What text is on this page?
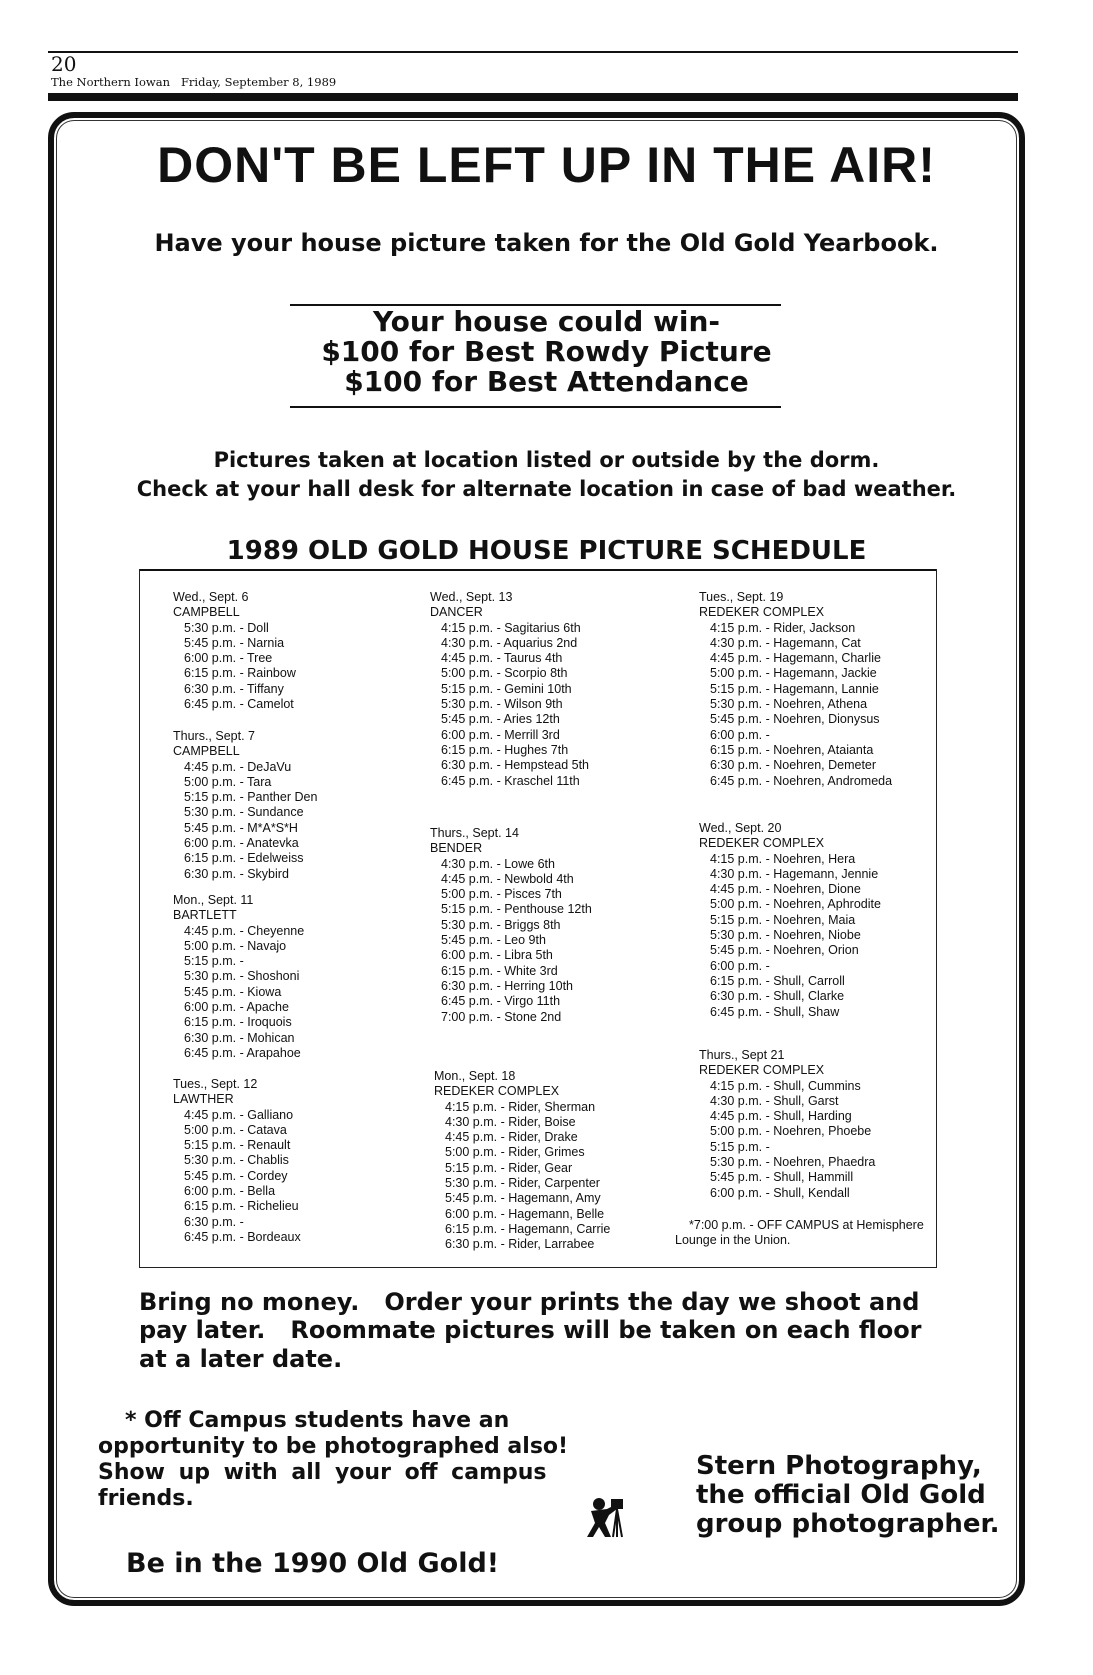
20
The Northern Iowan   Friday, September 8, 1989
DON'T BE LEFT UP IN THE AIR!
Have your house picture taken for the Old Gold Yearbook.
Your house could win-
$100 for Best Rowdy Picture
$100 for Best Attendance
Pictures taken at location listed or outside by the dorm.
Check at your hall desk for alternate location in case of bad weather.
1989 OLD GOLD HOUSE PICTURE SCHEDULE
Wed., Sept. 6
CAMPBELL
5:30 p.m. - Doll
5:45 p.m. - Narnia
6:00 p.m. - Tree
6:15 p.m. - Rainbow
6:30 p.m. - Tiffany
6:45 p.m. - Camelot
Thurs., Sept. 7
CAMPBELL
4:45 p.m. - DeJaVu
5:00 p.m. - Tara
5:15 p.m. - Panther Den
5:30 p.m. - Sundance
5:45 p.m. - M*A*S*H
6:00 p.m. - Anatevka
6:15 p.m. - Edelweiss
6:30 p.m. - Skybird
Mon., Sept. 11
BARTLETT
4:45 p.m. - Cheyenne
5:00 p.m. - Navajo
5:15 p.m. -
5:30 p.m. - Shoshoni
5:45 p.m. - Kiowa
6:00 p.m. - Apache
6:15 p.m. - Iroquois
6:30 p.m. - Mohican
6:45 p.m. - Arapahoe
Tues., Sept. 12
LAWTHER
4:45 p.m. - Galliano
5:00 p.m. - Catava
5:15 p.m. - Renault
5:30 p.m. - Chablis
5:45 p.m. - Cordey
6:00 p.m. - Bella
6:15 p.m. - Richelieu
6:30 p.m. -
6:45 p.m. - Bordeaux
Wed., Sept. 13
DANCER
4:15 p.m. - Sagitarius 6th
4:30 p.m. - Aquarius 2nd
4:45 p.m. - Taurus 4th
5:00 p.m. - Scorpio 8th
5:15 p.m. - Gemini 10th
5:30 p.m. - Wilson 9th
5:45 p.m. - Aries 12th
6:00 p.m. - Merrill 3rd
6:15 p.m. - Hughes 7th
6:30 p.m. - Hempstead 5th
6:45 p.m. - Kraschel 11th
Thurs., Sept. 14
BENDER
4:30 p.m. - Lowe 6th
4:45 p.m. - Newbold 4th
5:00 p.m. - Pisces 7th
5:15 p.m. - Penthouse 12th
5:30 p.m. - Briggs 8th
5:45 p.m. - Leo 9th
6:00 p.m. - Libra 5th
6:15 p.m. - White 3rd
6:30 p.m. - Herring 10th
6:45 p.m. - Virgo 11th
7:00 p.m. - Stone 2nd
Mon., Sept. 18
REDEKER COMPLEX
4:15 p.m. - Rider, Sherman
4:30 p.m. - Rider, Boise
4:45 p.m. - Rider, Drake
5:00 p.m. - Rider, Grimes
5:15 p.m. - Rider, Gear
5:30 p.m. - Rider, Carpenter
5:45 p.m. - Hagemann, Amy
6:00 p.m. - Hagemann, Belle
6:15 p.m. - Hagemann, Carrie
6:30 p.m. - Rider, Larrabee
Tues., Sept. 19
REDEKER COMPLEX
4:15 p.m. - Rider, Jackson
4:30 p.m. - Hagemann, Cat
4:45 p.m. - Hagemann, Charlie
5:00 p.m. - Hagemann, Jackie
5:15 p.m. - Hagemann, Lannie
5:30 p.m. - Noehren, Athena
5:45 p.m. - Noehren, Dionysus
6:00 p.m. -
6:15 p.m. - Noehren, Ataianta
6:30 p.m. - Noehren, Demeter
6:45 p.m. - Noehren, Andromeda
Wed., Sept. 20
REDEKER COMPLEX
4:15 p.m. - Noehren, Hera
4:30 p.m. - Hagemann, Jennie
4:45 p.m. - Noehren, Dione
5:00 p.m. - Noehren, Aphrodite
5:15 p.m. - Noehren, Maia
5:30 p.m. - Noehren, Niobe
5:45 p.m. - Noehren, Orion
6:00 p.m. -
6:15 p.m. - Shull, Carroll
6:30 p.m. - Shull, Clarke
6:45 p.m. - Shull, Shaw
Thurs., Sept 21
REDEKER COMPLEX
4:15 p.m. - Shull, Cummins
4:30 p.m. - Shull, Garst
4:45 p.m. - Shull, Harding
5:00 p.m. - Noehren, Phoebe
5:15 p.m. -
5:30 p.m. - Noehren, Phaedra
5:45 p.m. - Shull, Hammill
6:00 p.m. - Shull, Kendall
*7:00 p.m. - OFF CAMPUS at Hemisphere
Lounge in the Union.
Bring no money.   Order your prints the day we shoot and
pay later.   Roommate pictures will be taken on each floor
at a later date.
* Off Campus students have an
opportunity to be photographed also!
Show up with all your off campus
friends.
Be in the 1990 Old Gold!
Stern Photography,
the official Old Gold
group photographer.
